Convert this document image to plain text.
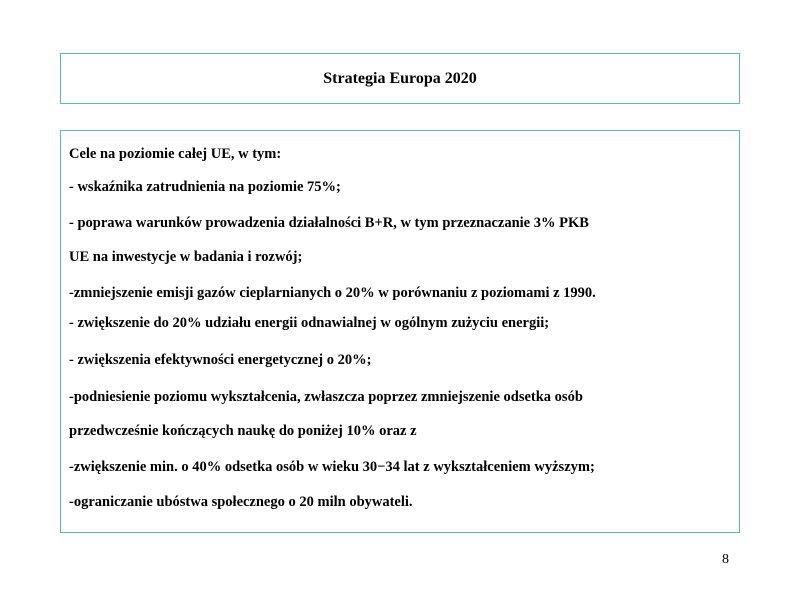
Strategia Europa 2020
Cele na poziomie całej UE, w tym:
- wskaźnika zatrudnienia na poziomie 75%;
- poprawa warunków prowadzenia działalności B+R, w tym przeznaczanie 3% PKB
UE na inwestycje w badania i rozwój;
-zmniejszenie emisji gazów cieplarnianych o 20% w porównaniu z poziomami z 1990.
- zwiększenie do 20% udziału energii odnawialnej w ogólnym zużyciu energii;
- zwiększenia efektywności energetycznej o 20%;
-podniesienie poziomu wykształcenia, zwłaszcza poprzez zmniejszenie odsetka osób
przedwcześnie kończących naukę do poniżej 10% oraz z
-zwiększenie min. o 40% odsetka osób w wieku 30−34 lat z wykształceniem wyższym;
-ograniczanie ubóstwa społecznego o 20 miln obywateli.
8
